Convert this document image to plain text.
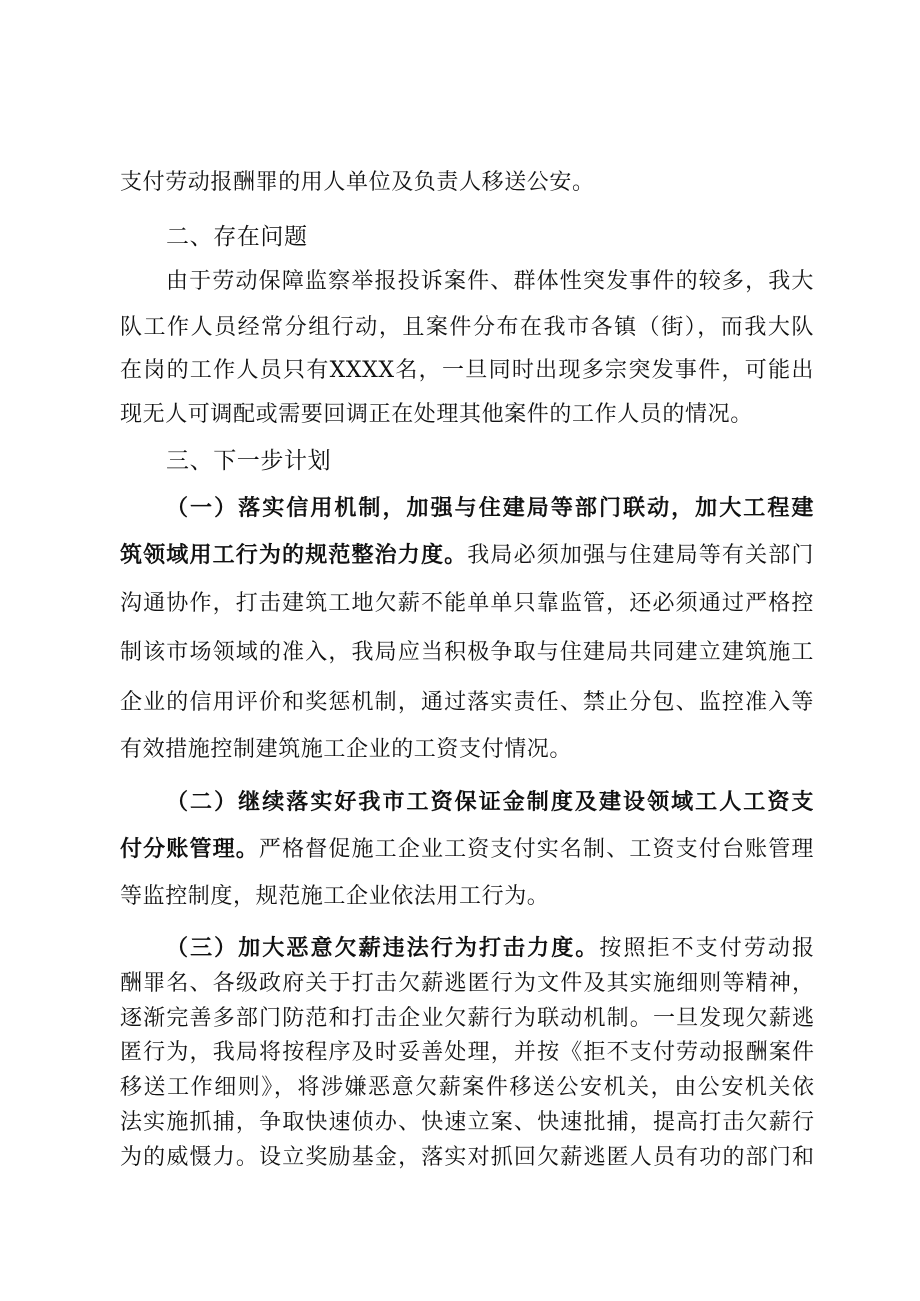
支付劳动报酬罪的用人单位及负责人移送公安。
二、存在问题
由于劳动保障监察举报投诉案件、群体性突发事件的较多，我大
队工作人员经常分组行动，且案件分布在我市各镇（街），而我大队
在岗的工作人员只有XXXX名，一旦同时出现多宗突发事件，可能出
现无人可调配或需要回调正在处理其他案件的工作人员的情况。
三、下一步计划
（一）落实信用机制，加强与住建局等部门联动，加大工程建
筑领域用工行为的规范整治力度。我局必须加强与住建局等有关部门
沟通协作，打击建筑工地欠薪不能单单只靠监管，还必须通过严格控
制该市场领域的准入，我局应当积极争取与住建局共同建立建筑施工
企业的信用评价和奖惩机制，通过落实责任、禁止分包、监控准入等
有效措施控制建筑施工企业的工资支付情况。
（二）继续落实好我市工资保证金制度及建设领域工人工资支
付分账管理。严格督促施工企业工资支付实名制、工资支付台账管理
等监控制度，规范施工企业依法用工行为。
（三）加大恶意欠薪违法行为打击力度。按照拒不支付劳动报
酬罪名、各级政府关于打击欠薪逃匿行为文件及其实施细则等精神，
逐渐完善多部门防范和打击企业欠薪行为联动机制。一旦发现欠薪逃
匿行为，我局将按程序及时妥善处理，并按《拒不支付劳动报酬案件
移送工作细则》，将涉嫌恶意欠薪案件移送公安机关，由公安机关依
法实施抓捕，争取快速侦办、快速立案、快速批捕，提高打击欠薪行
为的威慑力。设立奖励基金，落实对抓回欠薪逃匿人员有功的部门和
